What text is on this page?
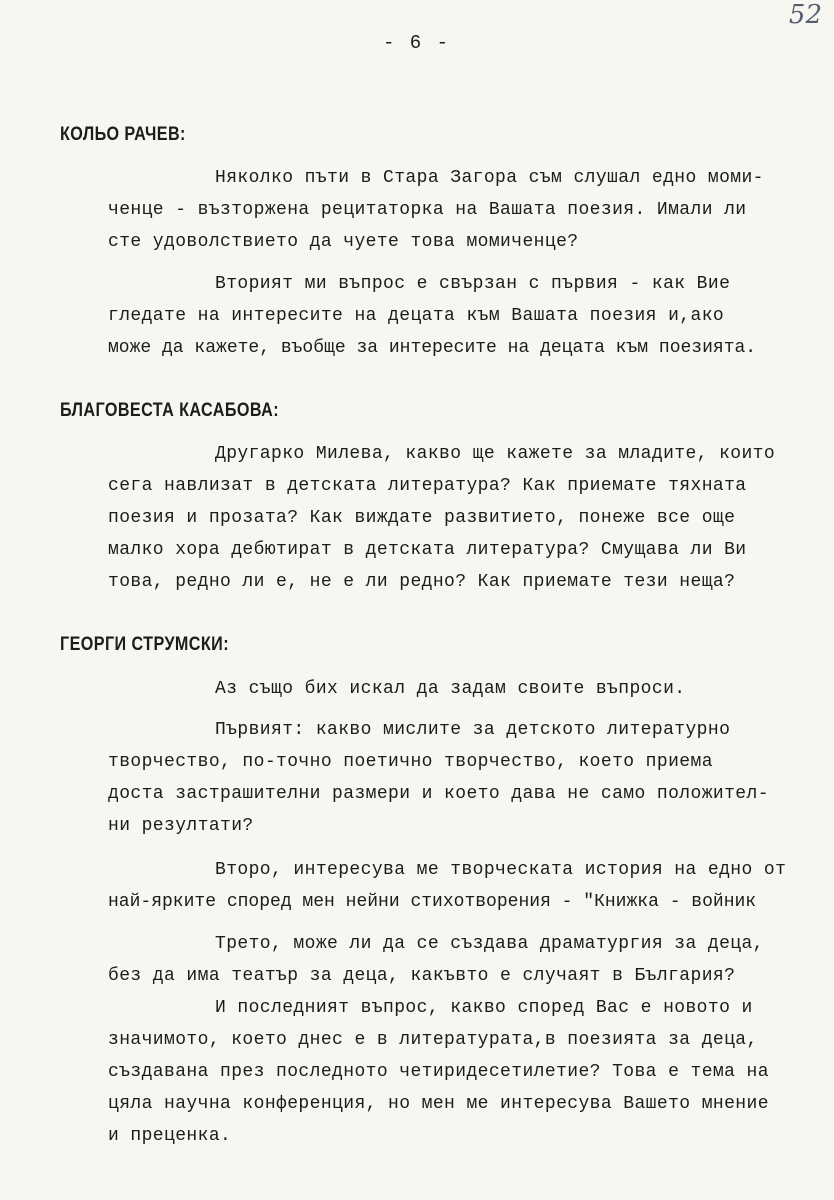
52
- 6 -
КОЛЬО РАЧЕВ:
Няколко пъти в Стара Загора съм слушал едно моми-
ченце - възторжена рецитаторка на Вашата поезия. Имали ли
сте удоволствието да чуете това момиченце?
Вторият ми въпрос е свързан с първия - как Вие
гледате на интересите на децата към Вашата поезия и,ако
може да кажете, въобще за интересите на децата към поезията.
БЛАГОВЕСТА КАСАБОВА:
Другарко Милева, какво ще кажете за младите, които
сега навлизат в детската литература? Как приемате тяхната
поезия и прозата? Как виждате развитието, понеже все още
малко хора дебютират в детската литература? Смущава ли Ви
това, редно ли е, не е ли редно? Как приемате тези неща?
ГЕОРГИ СТРУМСКИ:
Аз също бих искал да задам своите въпроси.
Първият: какво мислите за детското литературно
творчество, по-точно поетично творчество, което приема
доста застрашителни размери и което дава не само положител-
ни резултати?
Второ, интересува ме творческата история на едно от
най-ярките според мен нейни стихотворения - "Книжка - войник
Трето, може ли да се създава драматургия за деца,
без да има театър за деца, какъвто е случаят в България?
И последният въпрос, какво според Вас е новото и
значимото, което днес е в литературата,в поезията за деца,
създавана през последното четиридесетилетие? Това е тема на
цяла научна конференция, но мен ме интересува Вашето мнение
и преценка.
